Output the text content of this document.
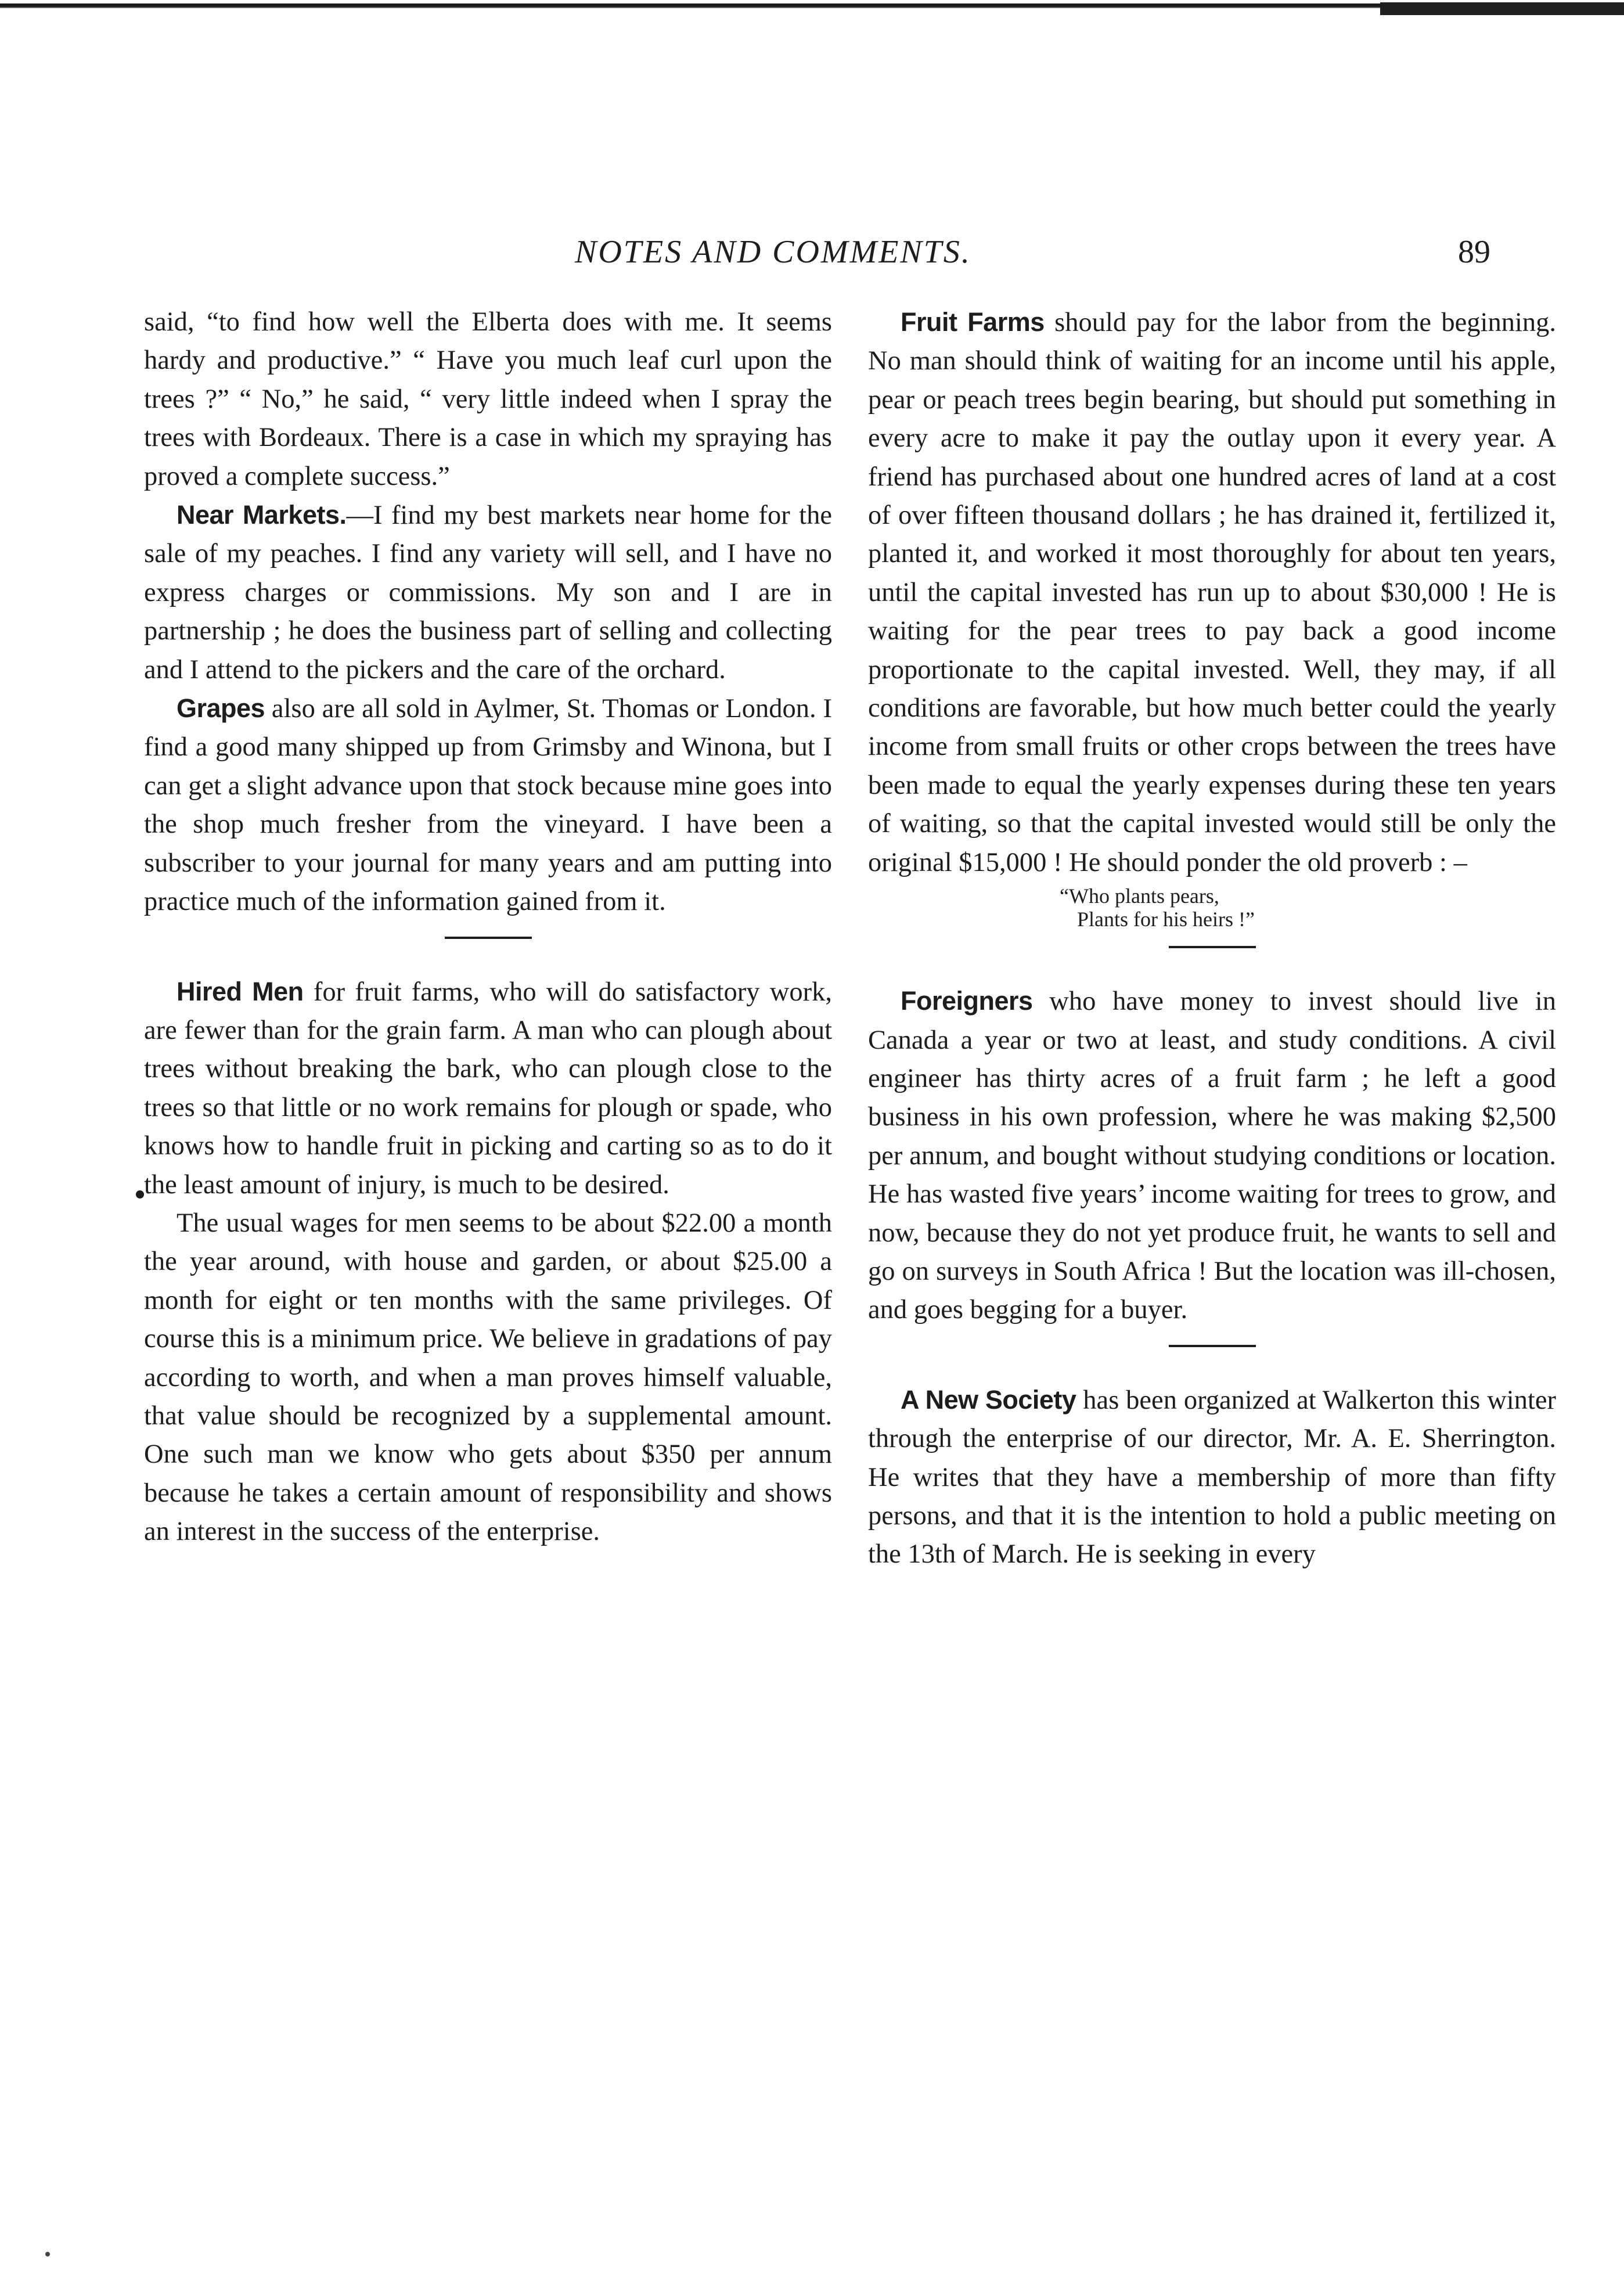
NOTES AND COMMENTS.	89

said, “to find how well the Elberta does with me. It seems hardy and productive.” “ Have you much leaf curl upon the trees ?” “ No,” he said, “ very little indeed when I spray the trees with Bordeaux. There is a case in which my spraying has proved a complete success.”

Near Markets.—I find my best markets near home for the sale of my peaches. I find any variety will sell, and I have no express charges or commissions. My son and I are in partnership ; he does the business part of selling and collecting and I attend to the pickers and the care of the orchard.

Grapes also are all sold in Aylmer, St. Thomas or London. I find a good many shipped up from Grimsby and Winona, but I can get a slight advance upon that stock because mine goes into the shop much fresher from the vineyard. I have been a subscriber to your journal for many years and am putting into practice much of the information gained from it.

Hired Men for fruit farms, who will do satisfactory work, are fewer than for the grain farm. A man who can plough about trees without breaking the bark, who can plough close to the trees so that little or no work remains for plough or spade, who knows how to handle fruit in picking and carting so as to do it the least amount of injury, is much to be desired.

The usual wages for men seems to be about $22.00 a month the year around, with house and garden, or about $25.00 a month for eight or ten months with the same privileges. Of course this is a minimum price. We believe in gradations of pay according to worth, and when a man proves himself valuable, that value should be recognized by a supplemental amount. One such man we know who gets about $350 per annum because he takes a certain amount of responsibility and shows an interest in the success of the enterprise.

Fruit Farms should pay for the labor from the beginning. No man should think of waiting for an income until his apple, pear or peach trees begin bearing, but should put something in every acre to make it pay the outlay upon it every year. A friend has purchased about one hundred acres of land at a cost of over fifteen thousand dollars ; he has drained it, fertilized it, planted it, and worked it most thoroughly for about ten years, until the capital invested has run up to about $30,000 ! He is waiting for the pear trees to pay back a good income proportionate to the capital invested. Well, they may, if all conditions are favorable, but how much better could the yearly income from small fruits or other crops between the trees have been made to equal the yearly expenses during these ten years of waiting, so that the capital invested would still be only the original $15,000 ! He should ponder the old proverb : –

“Who plants pears,
Plants for his heirs !”

Foreigners who have money to invest should live in Canada a year or two at least, and study conditions. A civil engineer has thirty acres of a fruit farm ; he left a good business in his own profession, where he was making $2,500 per annum, and bought without studying conditions or location. He has wasted five years’ income waiting for trees to grow, and now, because they do not yet produce fruit, he wants to sell and go on surveys in South Africa ! But the location was ill-chosen, and goes begging for a buyer.

A New Society has been organized at Walkerton this winter through the enterprise of our director, Mr. A. E. Sherrington. He writes that they have a membership of more than fifty persons, and that it is the intention to hold a public meeting on the 13th of March. He is seeking in every
